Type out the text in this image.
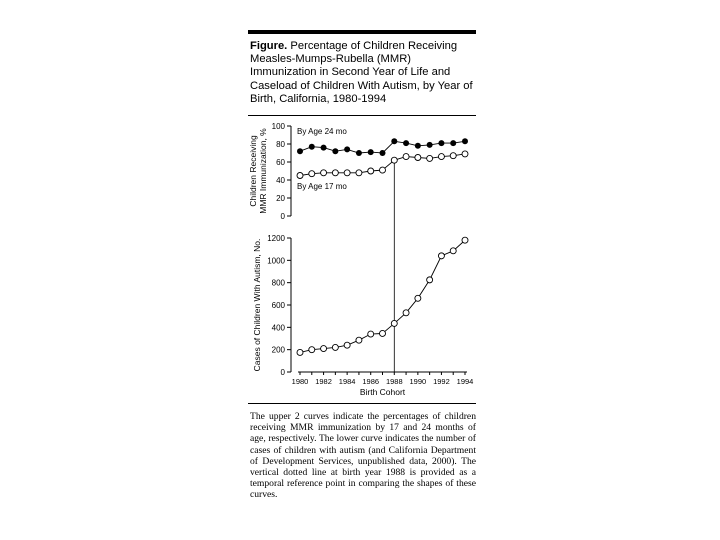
Figure. Percentage of Children Receiving Measles-Mumps-Rubella (MMR) Immunization in Second Year of Life and Caseload of Children With Autism, by Year of Birth, California, 1980-1994
0
20
40
60
80
100
Children Receiving MMR Immunization, %
0
200
400
600
800
1000
1200
Cases of Children With Autism, No.
1980 1982 1984 1986 1988 1990 1992 1994
Birth Cohort
By Age 24 mo
By Age 17 mo
The upper 2 curves indicate the percentages of children receiving MMR immunization by 17 and 24 months of age, respectively. The lower curve indicates the number of cases of children with autism (and California Department of Development Services, unpublished data, 2000). The vertical dotted line at birth year 1988 is provided as a temporal reference point in comparing the shapes of these curves.
